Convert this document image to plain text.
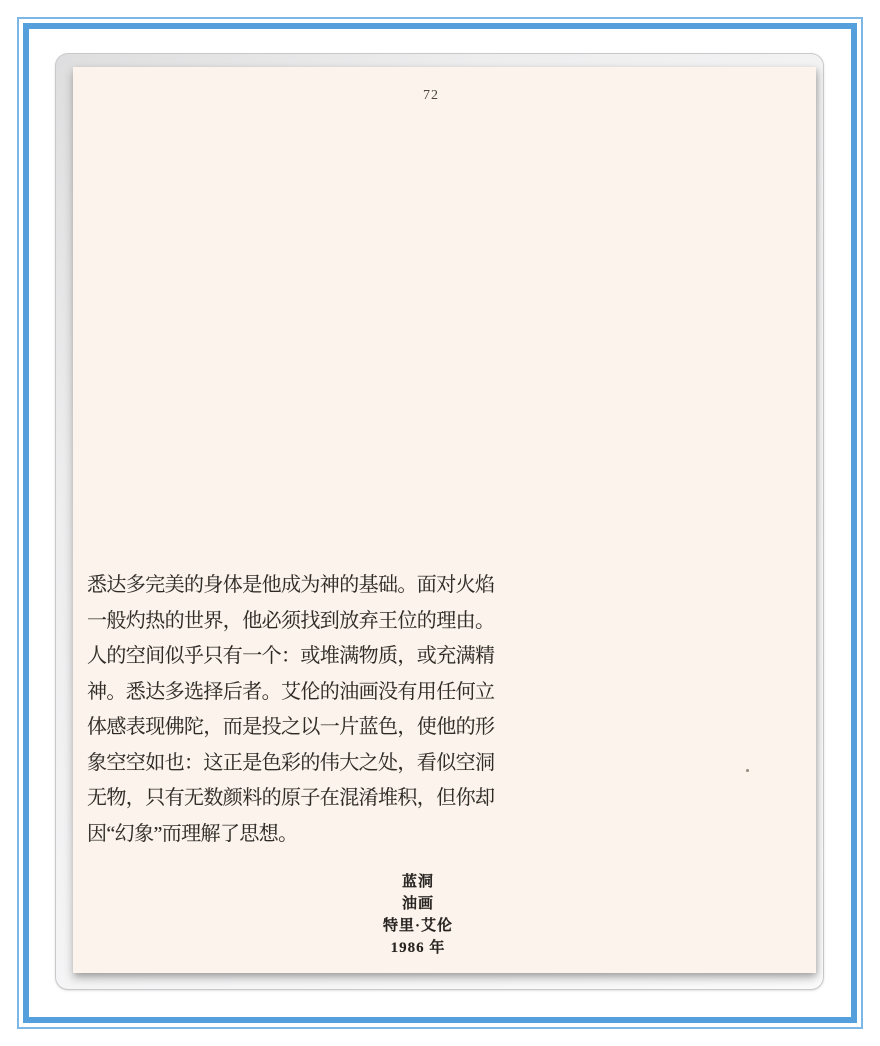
72
悉达多完美的身体是他成为神的基础。面对火焰
一般灼热的世界，他必须找到放弃王位的理由。
人的空间似乎只有一个：或堆满物质，或充满精
神。悉达多选择后者。艾伦的油画没有用任何立
体感表现佛陀，而是投之以一片蓝色，使他的形
象空空如也：这正是色彩的伟大之处，看似空洞
无物，只有无数颜料的原子在混淆堆积，但你却
因“幻象”而理解了思想。
蓝洞
油画
特里·艾伦
1986 年
